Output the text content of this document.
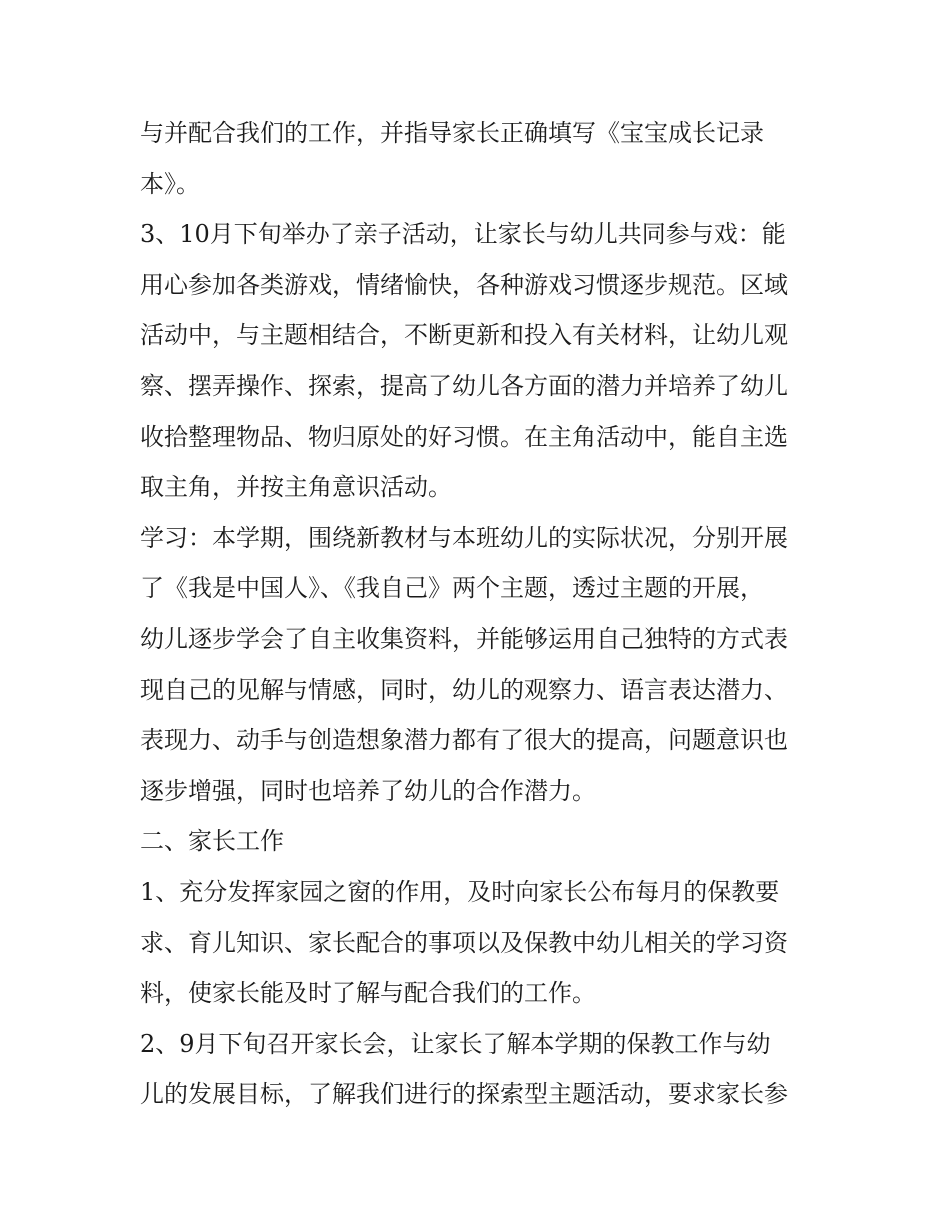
与并配合我们的工作，并指导家长正确填写《宝宝成长记录
本》。
3、10月下旬举办了亲子活动，让家长与幼儿共同参与戏：能
用心参加各类游戏，情绪愉快，各种游戏习惯逐步规范。区域
活动中，与主题相结合，不断更新和投入有关材料，让幼儿观
察、摆弄操作、探索，提高了幼儿各方面的潜力并培养了幼儿
收拾整理物品、物归原处的好习惯。在主角活动中，能自主选
取主角，并按主角意识活动。
学习：本学期，围绕新教材与本班幼儿的实际状况，分别开展
了《我是中国人》、《我自己》两个主题，透过主题的开展，
幼儿逐步学会了自主收集资料，并能够运用自己独特的方式表
现自己的见解与情感，同时，幼儿的观察力、语言表达潜力、
表现力、动手与创造想象潜力都有了很大的提高，问题意识也
逐步增强，同时也培养了幼儿的合作潜力。
二、家长工作
1、充分发挥家园之窗的作用，及时向家长公布每月的保教要
求、育儿知识、家长配合的事项以及保教中幼儿相关的学习资
料，使家长能及时了解与配合我们的工作。
2、9月下旬召开家长会，让家长了解本学期的保教工作与幼
儿的发展目标，了解我们进行的探索型主题活动，要求家长参
